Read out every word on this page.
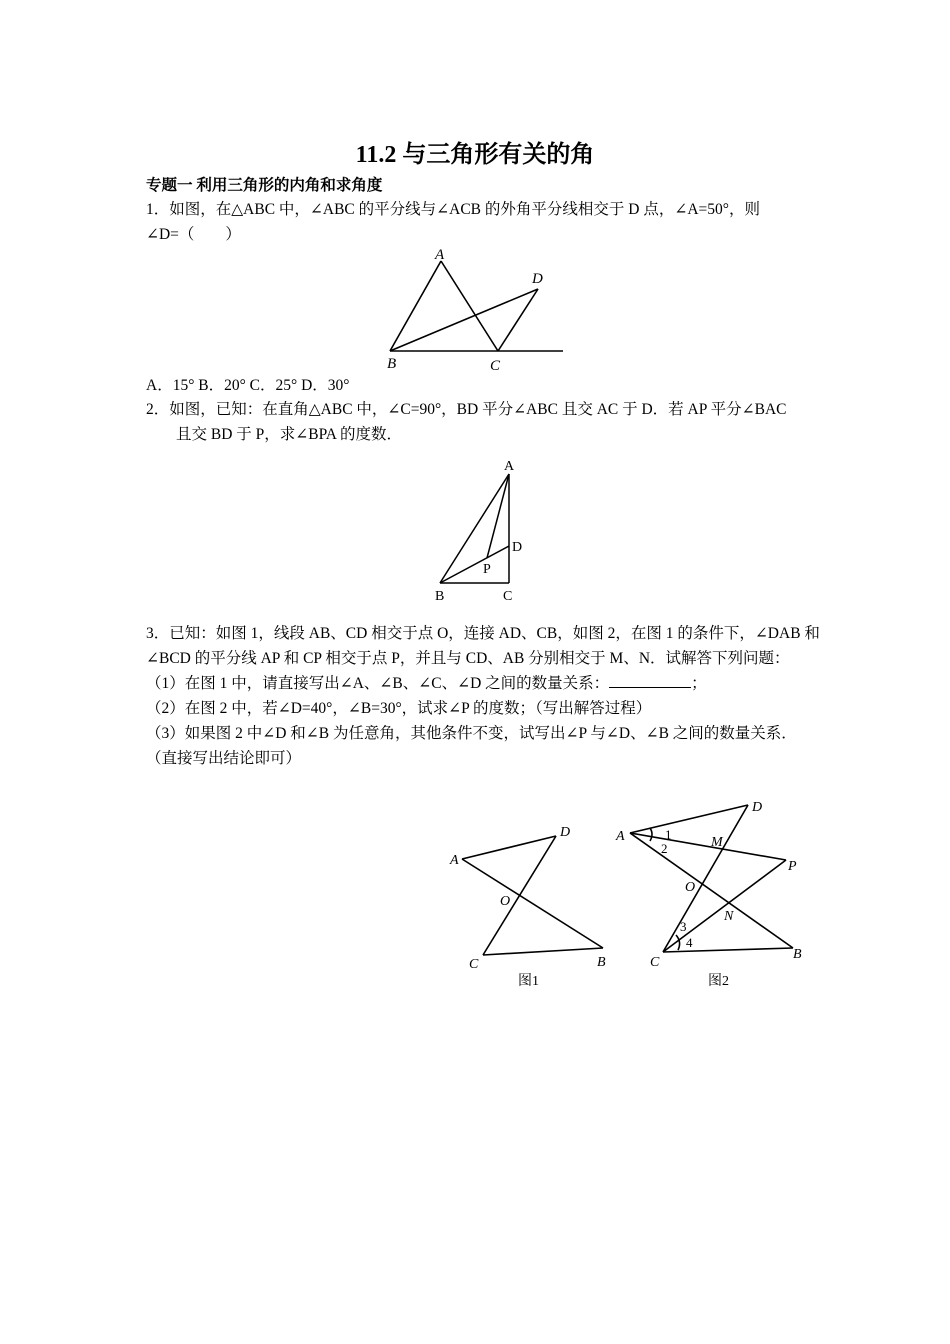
11.2 与三角形有关的角
专题一 利用三角形的内角和求角度
1．如图，在△ABC 中，∠ABC 的平分线与∠ACB 的外角平分线相交于 D 点，∠A=50°，则
∠D=（　　）
A
B	C
D
A．15° B．20° C．25° D．30°
2．如图，已知：在直角△ABC 中，∠C=90°，BD 平分∠ABC 且交 AC 于 D．若 AP 平分∠BAC
且交 BD 于 P，求∠BPA 的度数．
A
B	C
D
P
3．已知：如图 1，线段 AB、CD 相交于点 O，连接 AD、CB，如图 2，在图 1 的条件下，∠DAB 和
∠BCD 的平分线 AP 和 CP 相交于点 P，并且与 CD、AB 分别相交于 M、N．试解答下列问题：
（1）在图 1 中，请直接写出∠A、∠B、∠C、∠D 之间的数量关系：	；
（2）在图 2 中，若∠D=40°，∠B=30°，试求∠P 的度数；（写出解答过程）
（3）如果图 2 中∠D 和∠B 为任意角，其他条件不变，试写出∠P 与∠D、∠B 之间的数量关系．
（直接写出结论即可）
A
D
O
C	B
图1
A
D
M
P
O
N
C
B
1
2
3
4
图2
